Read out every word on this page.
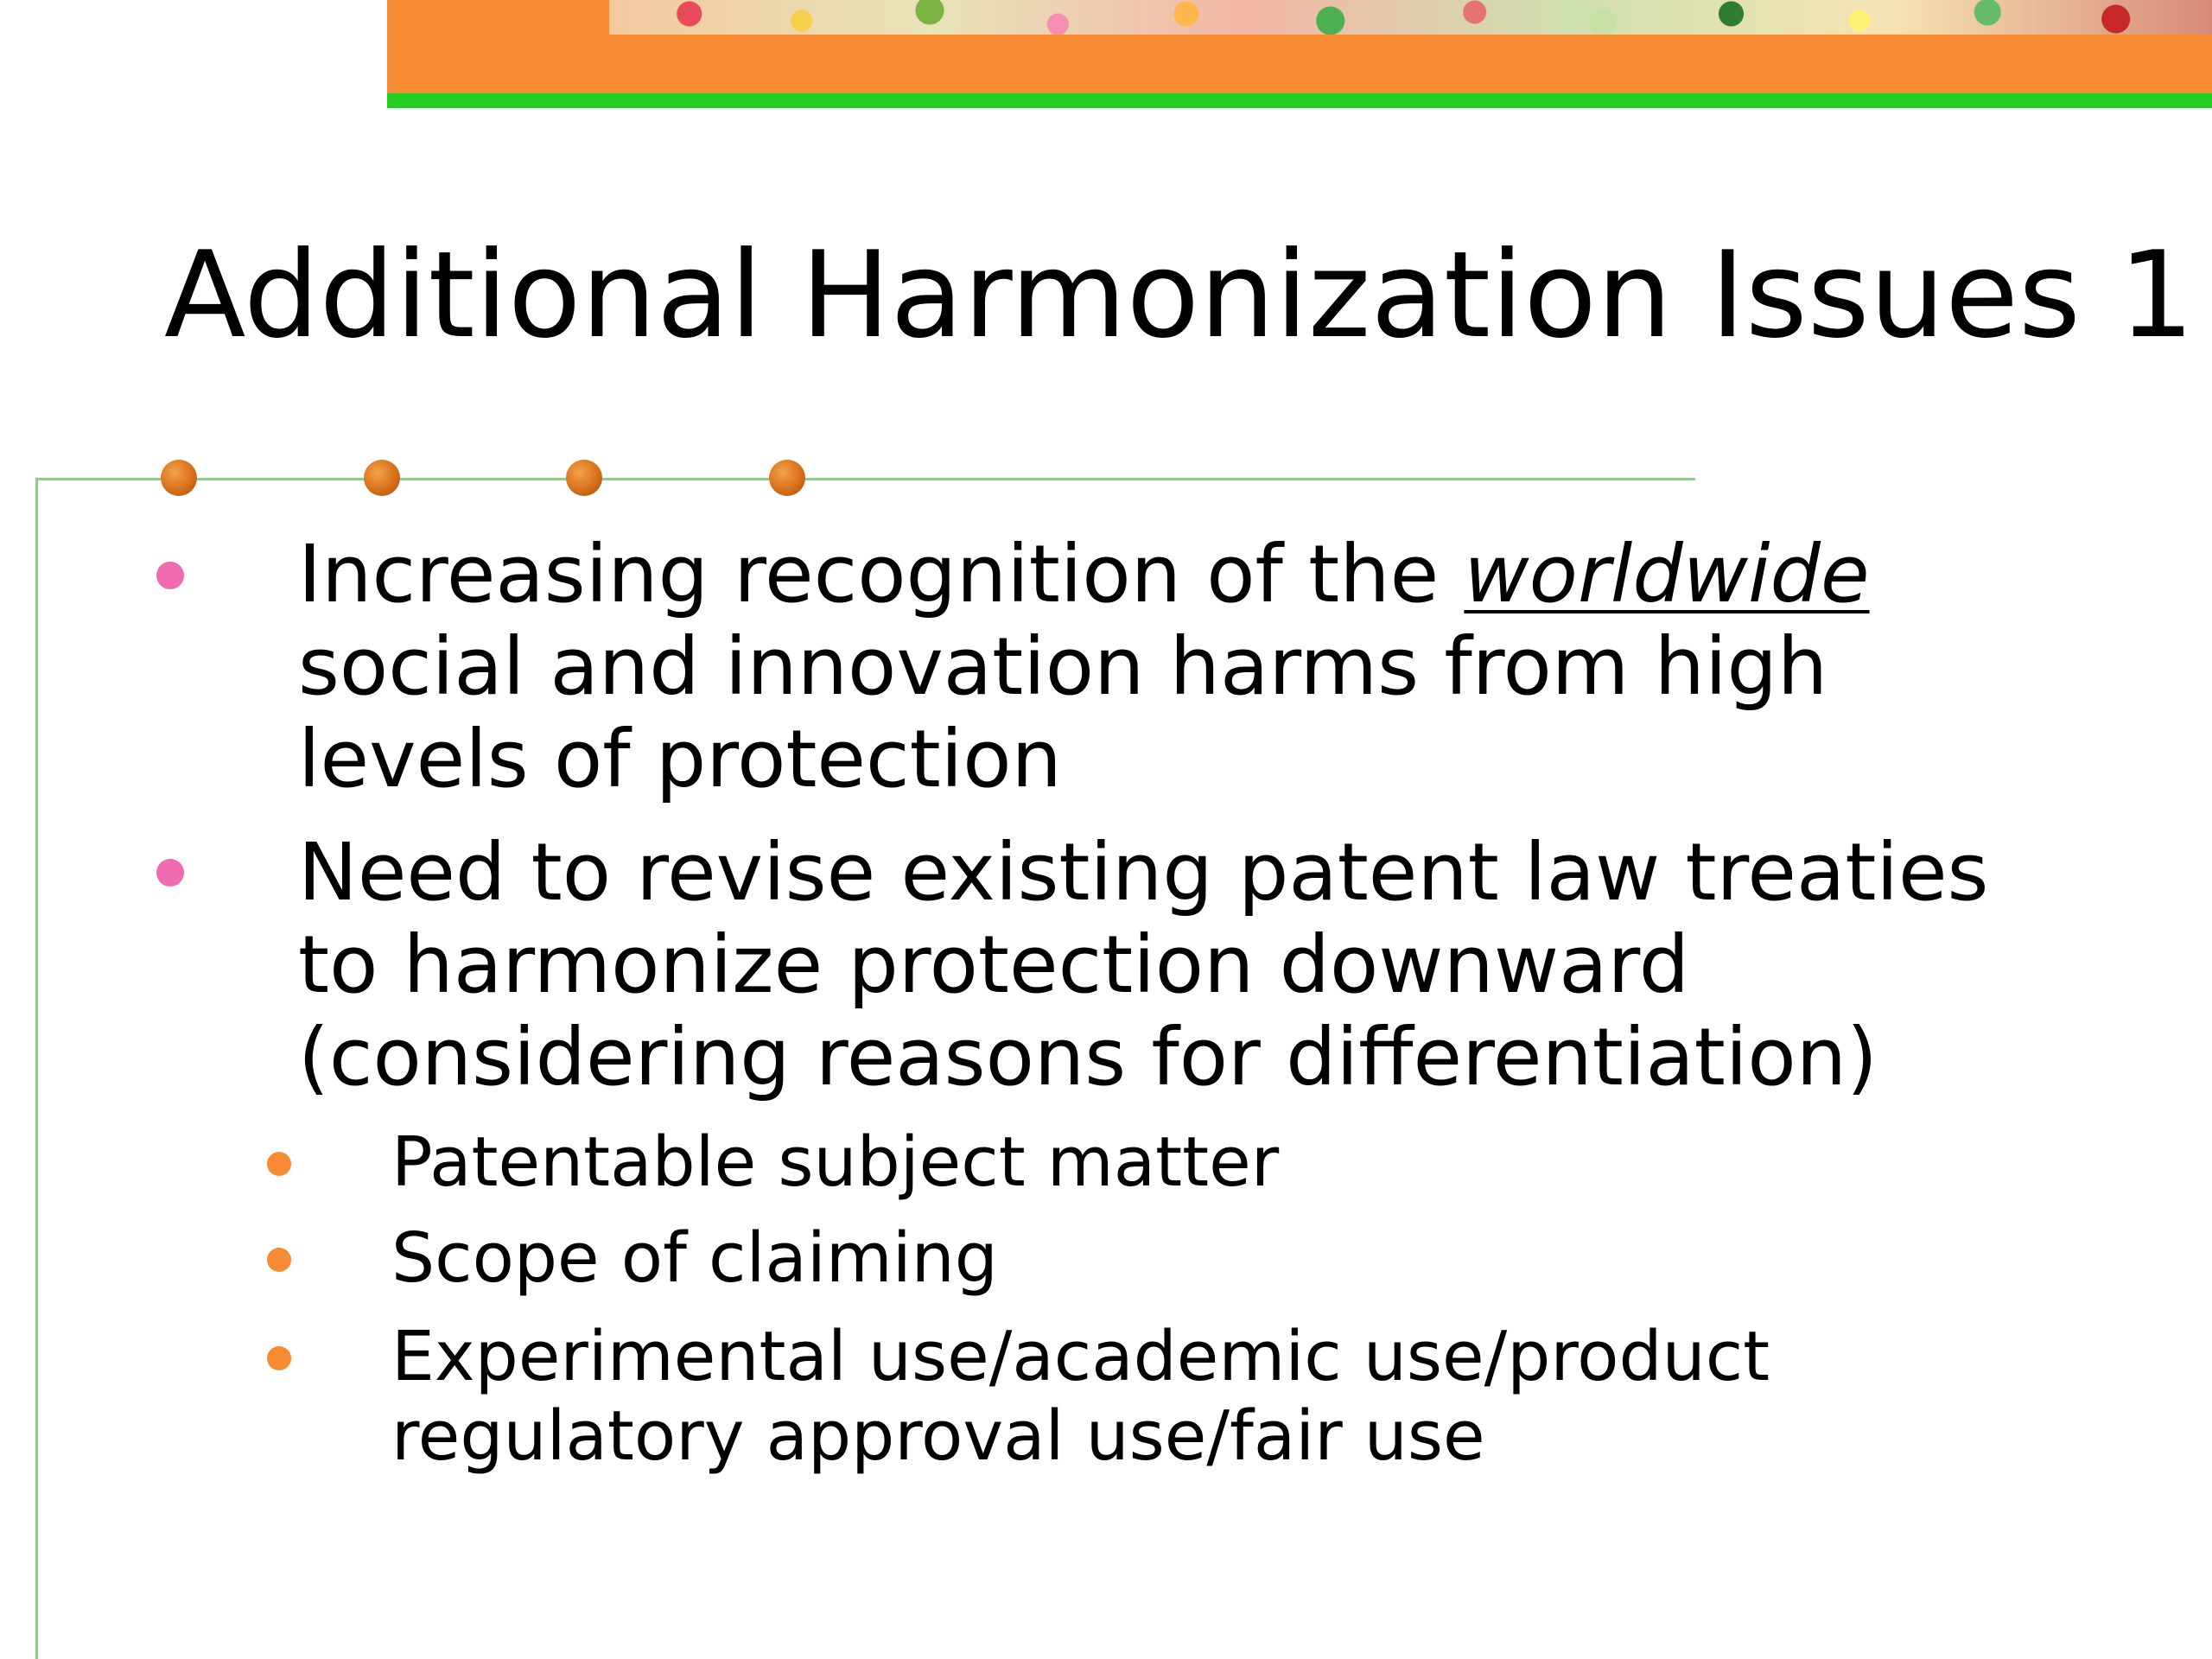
Additional Harmonization Issues 1
Increasing recognition of the worldwide
social and innovation harms from high
levels of protection
Need to revise existing patent law treaties
to harmonize protection downward
(considering reasons for differentiation)
Patentable subject matter
Scope of claiming
Experimental use/academic use/product
regulatory approval use/fair use
